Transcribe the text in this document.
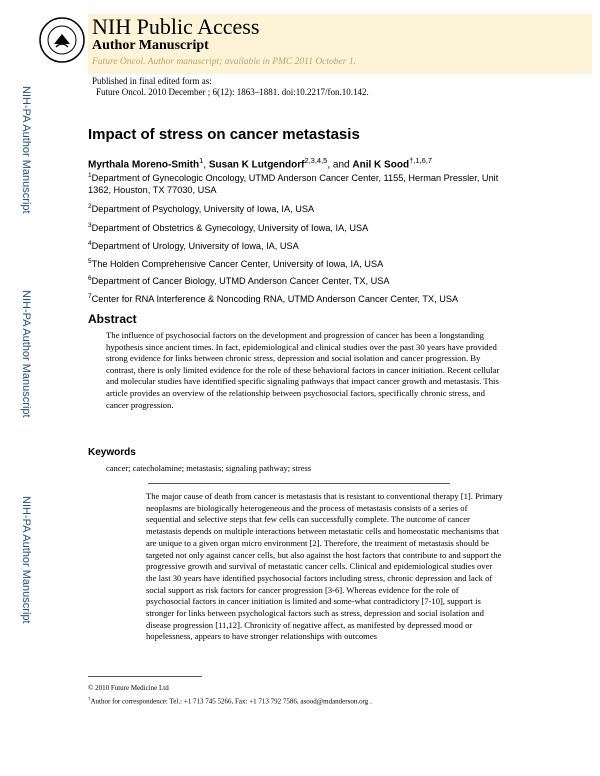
NIH Public Access
Author Manuscript
Future Oncol. Author manuscript; available in PMC 2011 October 1.
Published in final edited form as:
Future Oncol. 2010 December ; 6(12): 1863–1881. doi:10.2217/fon.10.142.
NIH-PA Author Manuscript
NIH-PA Author Manuscript
NIH-PA Author Manuscript
Impact of stress on cancer metastasis
Myrthala Moreno-Smith$^1$, Susan K Lutgendorf$^{2,3,4,5}$, and Anil K Sood$^{\dagger,1,6,7}$
$^1$Department of Gynecologic Oncology, UTMD Anderson Cancer Center, 1155, Herman Pressler, Unit 1362, Houston, TX 77030, USA
$^2$Department of Psychology, University of Iowa, IA, USA
$^3$Department of Obstetrics & Gynecology, University of Iowa, IA, USA
$^4$Department of Urology, University of Iowa, IA, USA
$^5$The Holden Comprehensive Cancer Center, University of Iowa, IA, USA
$^6$Department of Cancer Biology, UTMD Anderson Cancer Center, TX, USA
$^7$Center for RNA Interference & Noncoding RNA, UTMD Anderson Cancer Center, TX, USA
Abstract
The influence of psychosocial factors on the development and progression of cancer has been a longstanding hypothesis since ancient times. In fact, epidemiological and clinical studies over the past 30 years have provided strong evidence for links between chronic stress, depression and social isolation and cancer progression. By contrast, there is only limited evidence for the role of these behavioral factors in cancer initiation. Recent cellular and molecular studies have identified specific signaling pathways that impact cancer growth and metastasis. This article provides an overview of the relationship between psychosocial factors, specifically chronic stress, and cancer progression.
Keywords
cancer; catecholamine; metastasis; signaling pathway; stress
The major cause of death from cancer is metastasis that is resistant to conventional therapy [1]. Primary neoplasms are biologically heterogeneous and the process of metastasis consists of a series of sequential and selective steps that few cells can successfully complete. The outcome of cancer metastasis depends on multiple interactions between metastatic cells and homeostatic mechanisms that are unique to a given organ micro environment [2]. Therefore, the treatment of metastasis should be targeted not only against cancer cells, but also against the host factors that contribute to and support the progressive growth and survival of metastatic cancer cells. Clinical and epidemiological studies over the last 30 years have identified psychosocial factors including stress, chronic depression and lack of social support as risk factors for cancer progression [3-6]. Whereas evidence for the role of psychosocial factors in cancer initiation is limited and some-what contradictory [7-10], support is stronger for links between psychological factors such as stress, depression and social isolation and disease progression [11,12]. Chronicity of negative affect, as manifested by depressed mood or hopelessness, appears to have stronger relationships with outcomes
© 2010 Future Medicine Ltd
†Author for correspondence: Tel.: +1 713 745 5266, Fax: +1 713 792 7586, asood@mdanderson.org .
